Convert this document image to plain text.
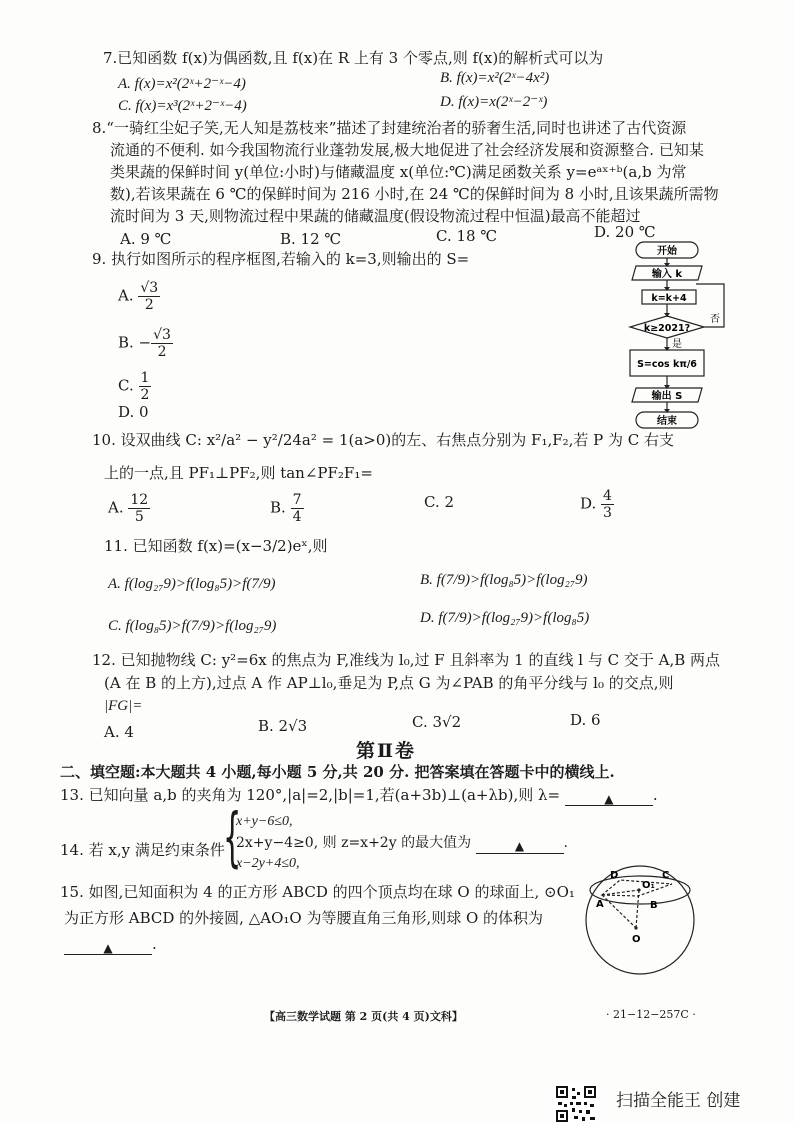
7.已知函数 f(x)为偶函数,且 f(x)在 R 上有 3 个零点,则 f(x)的解析式可以为
A. f(x)=x²(2ˣ+2⁻ˣ−4)	B. f(x)=x²(2ˣ−4x²)
C. f(x)=x³(2ˣ+2⁻ˣ−4)	D. f(x)=x(2ˣ−2⁻ˣ)
8.“一骑红尘妃子笑,无人知是荔枝来”描述了封建统治者的骄奢生活,同时也讲述了古代资源
流通的不便利. 如今我国物流行业蓬勃发展,极大地促进了社会经济发展和资源整合. 已知某
类果蔬的保鲜时间 y(单位:小时)与储藏温度 x(单位:℃)满足函数关系 y=eᵃˣ⁺ᵇ(a,b 为常
数),若该果蔬在 6 ℃的保鲜时间为 216 小时,在 24 ℃的保鲜时间为 8 小时,且该果蔬所需物
流时间为 3 天,则物流过程中果蔬的储藏温度(假设物流过程中恒温)最高不能超过
A. 9 ℃	B. 12 ℃	C. 18 ℃	D. 20 ℃
9. 执行如图所示的程序框图,若输入的 k=3,则输出的 S=
A. $\frac{√3}{2}$
B. − $\frac{√3}{2}$
C. $\frac{1}{2}$
D. 0
开始
输入 k
k=k+4
k≥2021?
否
是
S=cos kπ/6
输出 S
结束
10. 设双曲线 C: x²/a² − y²/24a² = 1(a>0)的左、右焦点分别为 F₁,F₂,若 P 为 C 右支
上的一点,且 PF₁⊥PF₂,则 tan∠PF₂F₁=
A. $\frac{12}{5}$	B. $\frac{7}{4}$	C. 2	D. $\frac{4}{3}$
11. 已知函数 f(x)=(x−3/2)eˣ,则
A. f(log₂₇9)>f(log₈5)>f(7/9)	B. f(7/9)>f(log₈5)>f(log₂₇9)
C. f(log₈5)>f(7/9)>f(log₂₇9)	D. f(7/9)>f(log₂₇9)>f(log₈5)
12. 已知抛物线 C: y²=6x 的焦点为 F,准线为 l₀,过 F 且斜率为 1 的直线 l 与 C 交于 A,B 两点
(A 在 B 的上方),过点 A 作 AP⊥l₀,垂足为 P,点 G 为∠PAB 的角平分线与 l₀ 的交点,则
|FG|=
A. 4	B. 2√3	C. 3√2	D. 6
第Ⅱ卷
二、填空题:本大题共 4 小题,每小题 5 分,共 20 分. 把答案填在答题卡中的横线上.
13. 已知向量 a,b 的夹角为 120°,|a|=2,|b|=1,若(a+3b)⊥(a+λb),则 λ=	▲	.
14. 若 x,y 满足约束条件
{
x+y−6≤0,
2x+y−4≥0, 则 z=x+2y 的最大值为	▲	.
x−2y+4≤0,
15. 如图,已知面积为 4 的正方形 ABCD 的四个顶点均在球 O 的球面上, ⊙O₁
为正方形 ABCD 的外接圆, △AO₁O 为等腰直角三角形,则球 O 的体积为
▲	.
D	C
O₁
A	B
O
【高三数学试题 第 2 页(共 4 页)文科】	· 21−12−257C ·
扫描全能王 创建
